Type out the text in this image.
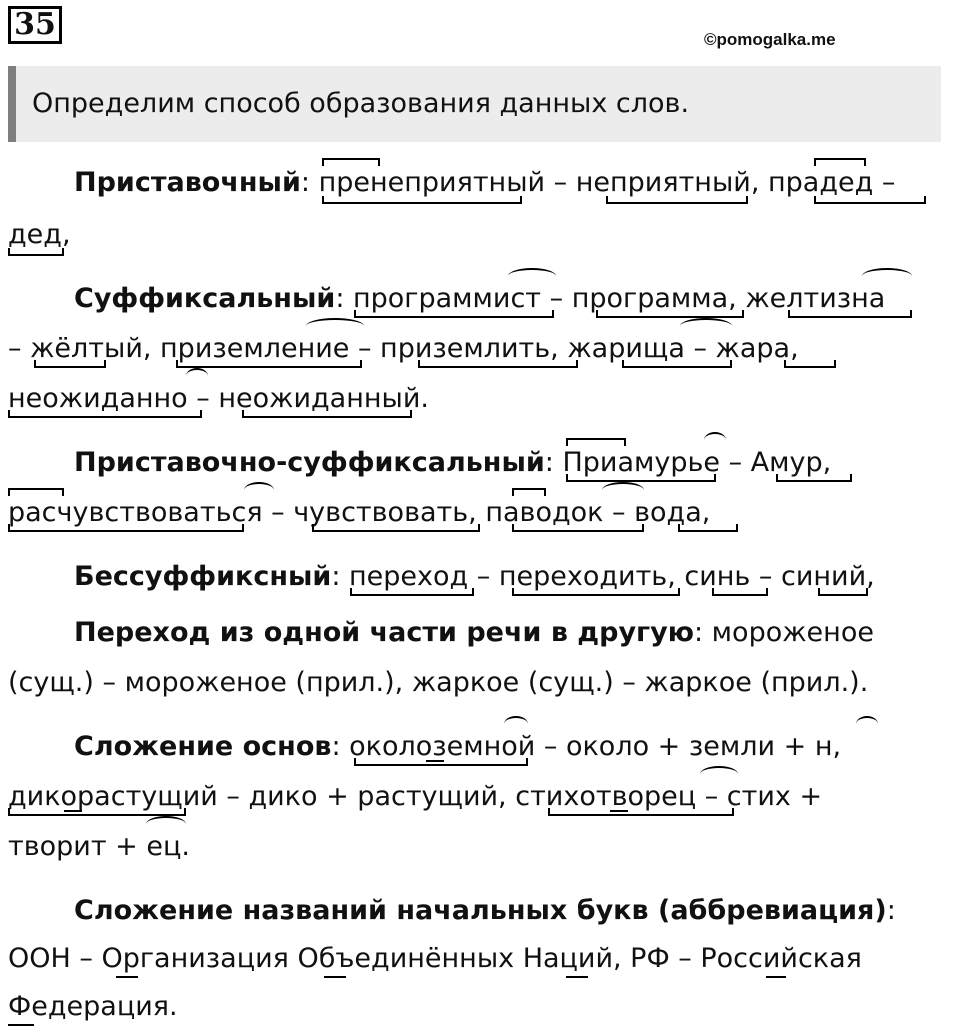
35	©pomogalka.me
Определим способ образования данных слов.
Приставочный: пренеприятный – неприятный, прадед –
дед,
Суффиксальный: программист – программа, желтизна
– жёлтый, приземление – приземлить, жарища – жара,
неожиданно – неожиданный.
Приставочно-суффиксальный: Приамурье – Амур,
расчувствоваться – чувствовать, паводок – вода,
Бессуффиксный: переход – переходить, синь – синий,
Переход из одной части речи в другую: мороженое
(сущ.) – мороженое (прил.), жаркое (сущ.) – жаркое (прил.).
Сложение основ: околоземной – около + земли + н,
дикорастущий – дико + растущий, стихотворец – стих +
творит + ец.
Сложение названий начальных букв (аббревиация):
ООН – Организация Объединённых Наций, РФ – Российская
Федерация.
